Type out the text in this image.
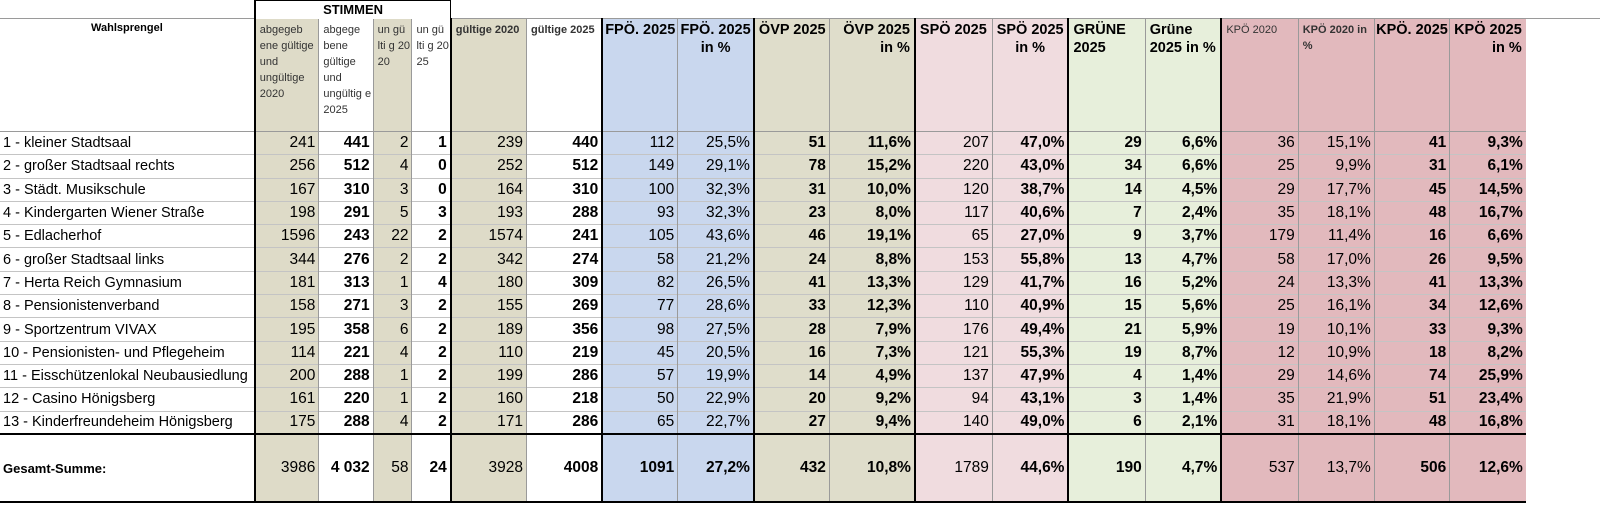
	STIMMEN																	
Wahlsprengel	abgegeb ene gültige und ungültige 2020	abgege bene gültige und ungültig e 2025	un gü lti g 20 20	un gü lti g 20 25	gültige 2020	gültige 2025	FPÖ. 2025	FPÖ. 2025 in %	ÖVP 2025	ÖVP 2025 in %	SPÖ 2025	SPÖ 2025 in %	GRÜNE 2025	Grüne 2025 in %	KPÖ 2020	KPÖ 2020 in %	KPÖ. 2025	KPÖ 2025 in %
1 - kleiner Stadtsaal	241	441	2	1	239	440	112	25,5%	51	11,6%	207	47,0%	29	6,6%	36	15,1%	41	9,3%
2 - großer Stadtsaal rechts	256	512	4	0	252	512	149	29,1%	78	15,2%	220	43,0%	34	6,6%	25	9,9%	31	6,1%
3 - Städt. Musikschule	167	310	3	0	164	310	100	32,3%	31	10,0%	120	38,7%	14	4,5%	29	17,7%	45	14,5%
4 - Kindergarten Wiener Straße	198	291	5	3	193	288	93	32,3%	23	8,0%	117	40,6%	7	2,4%	35	18,1%	48	16,7%
5 - Edlacherhof	1596	243	22	2	1574	241	105	43,6%	46	19,1%	65	27,0%	9	3,7%	179	11,4%	16	6,6%
6 - großer Stadtsaal links	344	276	2	2	342	274	58	21,2%	24	8,8%	153	55,8%	13	4,7%	58	17,0%	26	9,5%
7 - Herta Reich Gymnasium	181	313	1	4	180	309	82	26,5%	41	13,3%	129	41,7%	16	5,2%	24	13,3%	41	13,3%
8 - Pensionistenverband	158	271	3	2	155	269	77	28,6%	33	12,3%	110	40,9%	15	5,6%	25	16,1%	34	12,6%
9 - Sportzentrum VIVAX	195	358	6	2	189	356	98	27,5%	28	7,9%	176	49,4%	21	5,9%	19	10,1%	33	9,3%
10 - Pensionisten- und Pflegeheim	114	221	4	2	110	219	45	20,5%	16	7,3%	121	55,3%	19	8,7%	12	10,9%	18	8,2%
11 - Eisschützenlokal Neubausiedlung	200	288	1	2	199	286	57	19,9%	14	4,9%	137	47,9%	4	1,4%	29	14,6%	74	25,9%
12 - Casino Hönigsberg	161	220	1	2	160	218	50	22,9%	20	9,2%	94	43,1%	3	1,4%	35	21,9%	51	23,4%
13 - Kinderfreundeheim Hönigsberg	175	288	4	2	171	286	65	22,7%	27	9,4%	140	49,0%	6	2,1%	31	18,1%	48	16,8%
Gesamt-Summe:	3986	4 032	58	24	3928	4008	1091	27,2%	432	10,8%	1789	44,6%	190	4,7%	537	13,7%	506	12,6%
